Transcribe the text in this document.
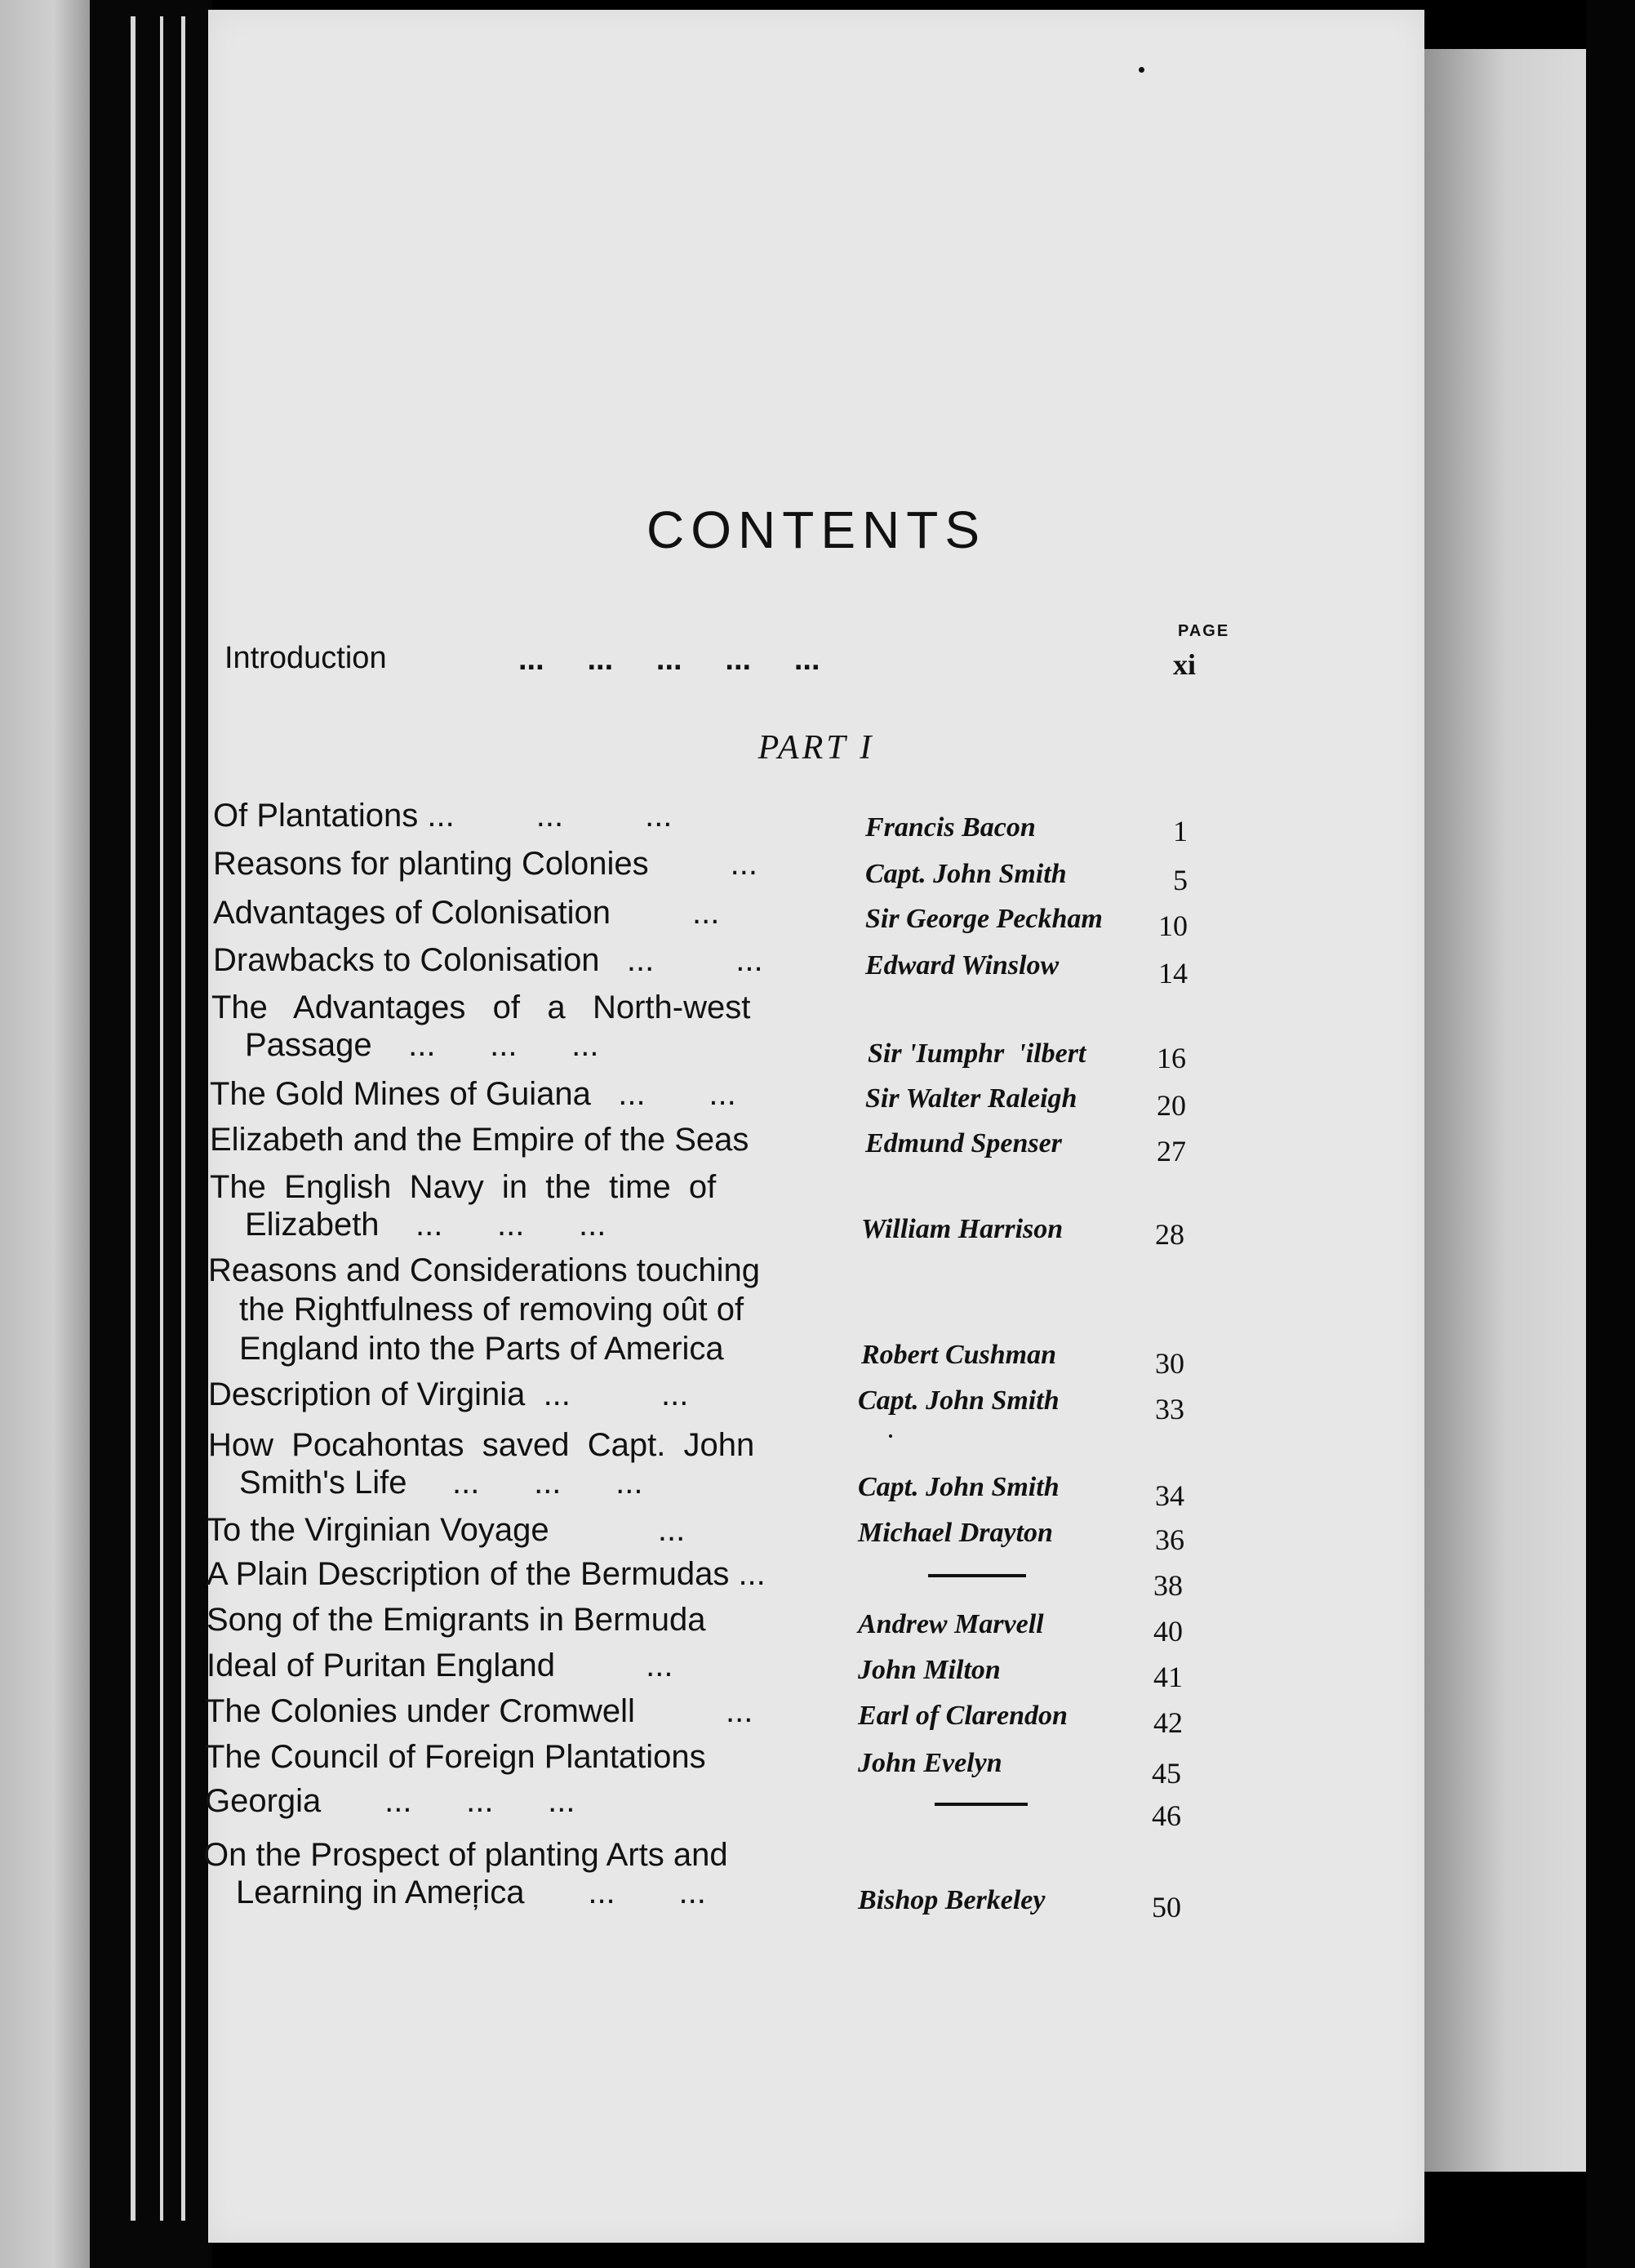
CONTENTS
PAGE
Introduction	...     ...     ...     ...     ...	xi
PART I
Of Plantations ...         ...         ...	Francis Bacon	1
Reasons for planting Colonies         ...	Capt. John Smith	5
Advantages of Colonisation         ...	Sir George Peckham	10
Drawbacks to Colonisation   ...         ...	Edward Winslow	14
The   Advantages   of   a   North-west
Passage    ...      ...      ...	Sir 'Iumphr  'ilbert	16
The Gold Mines of Guiana   ...       ...	Sir Walter Raleigh	20
Elizabeth and the Empire of the Seas	Edmund Spenser	27
The  English  Navy  in  the  time  of
Elizabeth    ...      ...      ...	William Harrison	28
Reasons and Considerations touching
the Rightfulness of removing oût of
England into the Parts of America	Robert Cushman	30
Description of Virginia  ...          ...	Capt. John Smith	33
How  Pocahontas  saved  Capt.  John
Smith's Life     ...      ...      ...	Capt. John Smith	34
To the Virginian Voyage            ...	Michael Drayton	36
A Plain Description of the Bermudas ...	38
Song of the Emigrants in Bermuda	Andrew Marvell	40
Ideal of Puritan England          ...	John Milton	41
The Colonies under Cromwell          ...	Earl of Clarendon	42
The Council of Foreign Plantations	John Evelyn	45
Georgia       ...      ...      ...	46
On the Prospect of planting Arts and
Learning in Ameŗica       ...       ...	Bishop Berkeley	50
